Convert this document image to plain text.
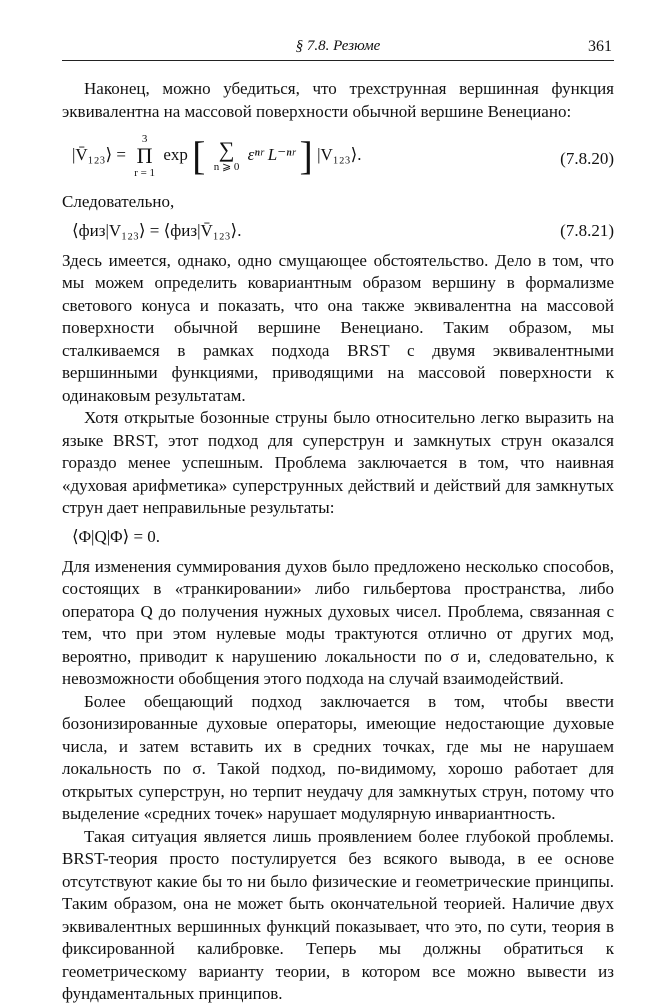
§ 7.8. Резюме	361

Наконец, можно убедиться, что трехструнная вершинная функция эквивалентна на массовой поверхности обычной вершине Венециано:

|V̄₁₂₃⟩ =
3
Π
r = 1
exp [ ∑
n ⩾ 0
εⁿʳ L⁻ⁿʳ ] |V₁₂₃⟩.	(7.8.20)

Следовательно,

⟨физ|V₁₂₃⟩ = ⟨физ|V̄₁₂₃⟩.	(7.8.21)

Здесь имеется, однако, одно смущающее обстоятельство. Дело в том, что мы можем определить ковариантным образом вершину в формализме светового конуса и показать, что она также эквивалентна на массовой поверхности обычной вершине Венециано. Таким образом, мы сталкиваемся в рамках подхода BRST с двумя эквивалентными вершинными функциями, приводящими на массовой поверхности к одинаковым результатам.

Хотя открытые бозонные струны было относительно легко выразить на языке BRST, этот подход для суперструн и замкнутых струн оказался гораздо менее успешным. Проблема заключается в том, что наивная «духовая арифметика» суперструнных действий и действий для замкнутых струн дает неправильные результаты:

⟨Φ|Q|Φ⟩ = 0.

Для изменения суммирования духов было предложено несколько способов, состоящих в «транкировании» либо гильбертова пространства, либо оператора Q до получения нужных духовых чисел. Проблема, связанная с тем, что при этом нулевые моды трактуются отлично от других мод, вероятно, приводит к нарушению локальности по σ и, следовательно, к невозможности обобщения этого подхода на случай взаимодействий.

Более обещающий подход заключается в том, чтобы ввести бозонизированные духовые операторы, имеющие недостающие духовые числа, и затем вставить их в средних точках, где мы не нарушаем локальность по σ. Такой подход, по-видимому, хорошо работает для открытых суперструн, но терпит неудачу для замкнутых струн, потому что выделение «средних точек» нарушает модулярную инвариантность.

Такая ситуация является лишь проявлением более глубокой проблемы. BRST-теория просто постулируется без всякого вывода, в ее основе отсутствуют какие бы то ни было физические и геометрические принципы. Таким образом, она не может быть окончательной теорией. Наличие двух эквивалентных вершинных функций показывает, что это, по сути, теория в фиксированной калибровке. Теперь мы должны обратиться к геометрическому варианту теории, в котором все можно вывести из фундаментальных принципов.
